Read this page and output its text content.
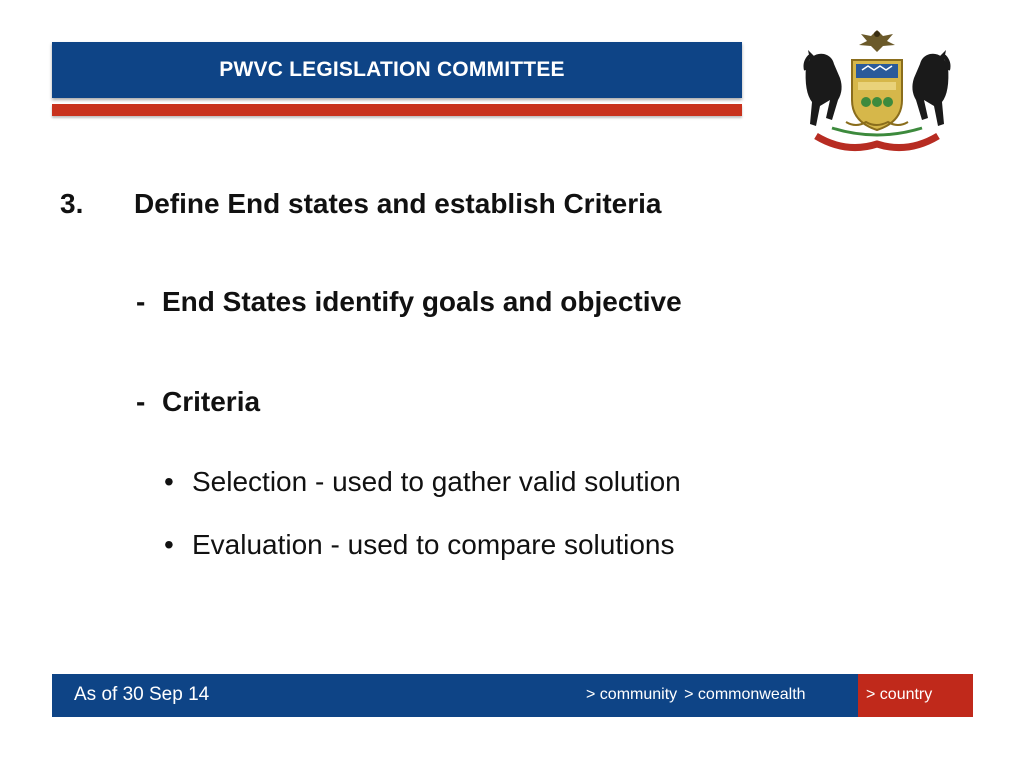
PWVC LEGISLATION COMMITTEE
3. Define End states and establish Criteria
- End States identify goals and objective
- Criteria
• Selection - used to gather valid solution
• Evaluation - used to compare solutions
As of 30 Sep 14	> community > commonwealth	> country
